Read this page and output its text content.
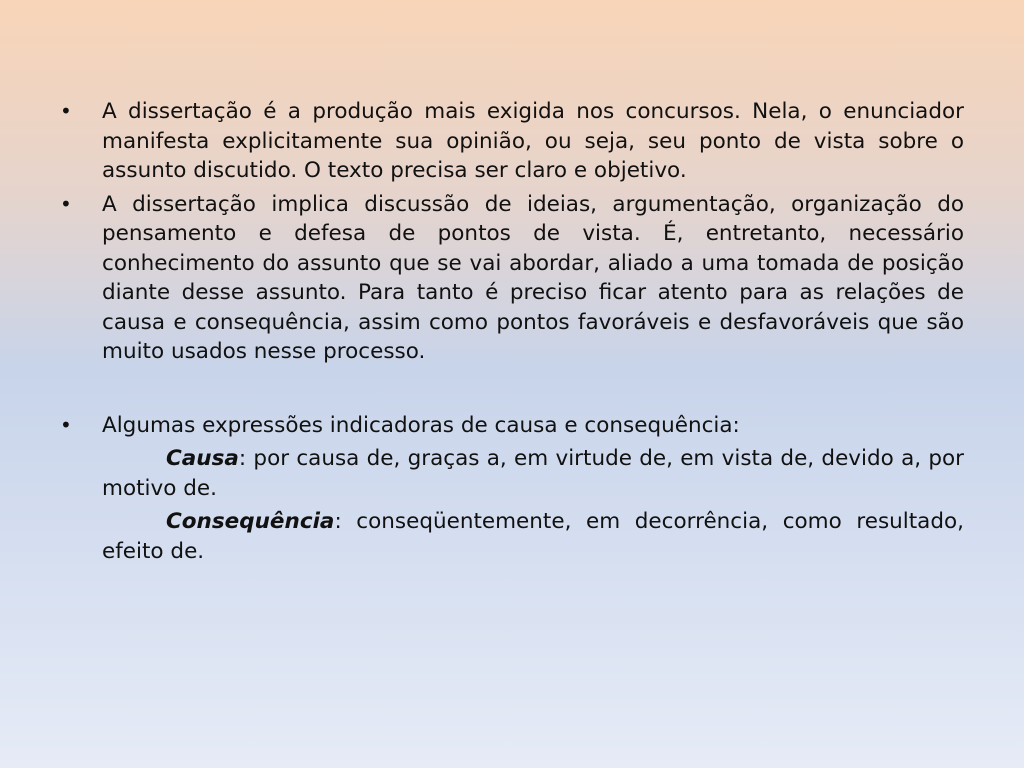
•	A dissertação é a produção mais exigida nos concursos. Nela, o enunciador manifesta explicitamente sua opinião, ou seja, seu ponto de vista sobre o assunto discutido. O texto precisa ser claro e objetivo.
•	A dissertação implica discussão de ideias, argumentação, organização do pensamento e defesa de pontos de vista. É, entretanto, necessário conhecimento do assunto que se vai abordar, aliado a uma tomada de posição diante desse assunto. Para tanto é preciso ficar atento para as relações de causa e consequência, assim como pontos favoráveis e desfavoráveis que são muito usados nesse processo.
•	Algumas expressões indicadoras de causa e consequência:

Causa: por causa de, graças a, em virtude de, em vista de, devido a, por motivo de.

Consequência: conseqüentemente, em decorrência, como resultado, efeito de.
